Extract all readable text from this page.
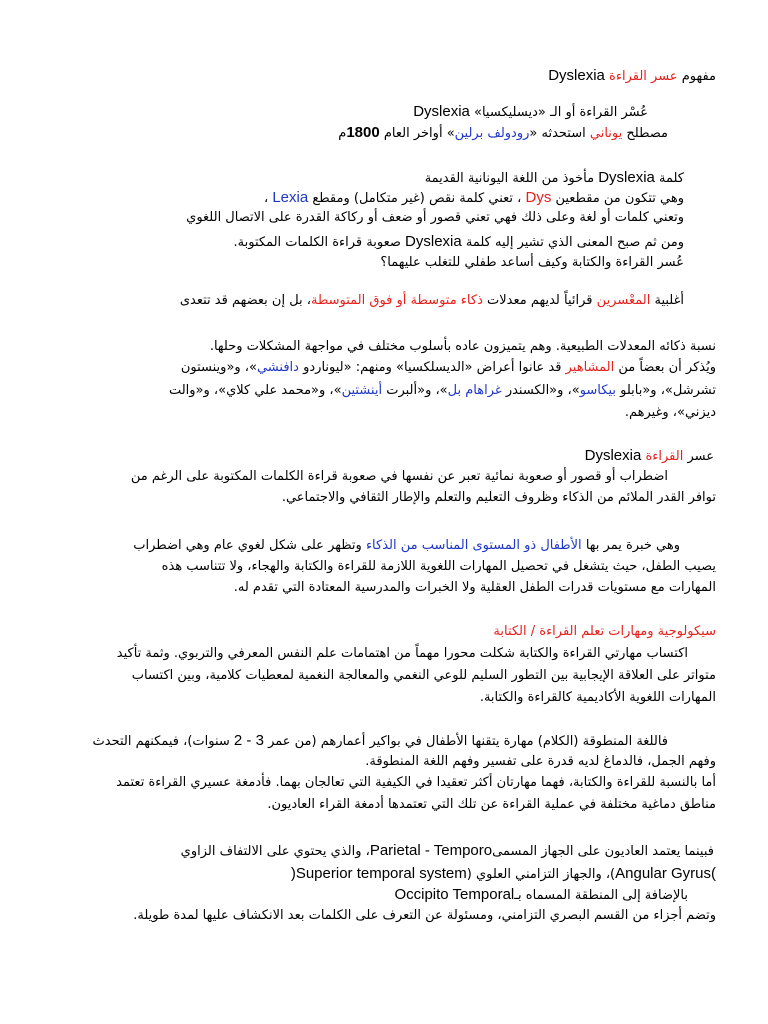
مفهوم عسر القراءة Dyslexia
عُسْر القراءة أو الـ «ديسليكسيا» Dyslexia
مصطلح يوناني استحدثه «رودولف برلين» أواخر العام 1800م
كلمة Dyslexia مأخوذ من اللغة اليونانية القديمة
وهي تتكون من مقطعين Dys ، تعني كلمة نقص (غير متكامل) ومقطع Lexia ،
وتعني كلمات أو لغة وعلى ذلك فهي تعني قصور أو ضعف أو ركاكة القدرة على الاتصال اللغوي
ومن ثم صبح المعنى الذي تشير إليه كلمة Dyslexia صعوبة قراءة الكلمات المكتوبة.
عُسر القراءة والكتابة وكيف أساعد طفلي للتغلب عليهما؟
أغلبية المعْسرين قرائياً لديهم معدلات ذكاء متوسطة أو فوق المتوسطة، بل إن بعضهم قد تتعدى
نسبة ذكائه المعدلات الطبيعية. وهم يتميزون عاده بأسلوب مختلف في مواجهة المشكلات وحلها.
ويُذكر أن بعضاً من المشاهير قد عانوا أعراض «الديسلكسيا» ومنهم: «ليوناردو دافنشي»، و«وينستون
تشرشل»، و«بابلو بيكاسو»، و«الكسندر غراهام بل»، و«ألبرت أينشتين»، و«محمد علي كلاي»، و«والت
ديزني»، وغيرهم.
عسر القراءة Dyslexia
اضطراب أو قصور أو صعوبة نمائية تعبر عن نفسها في صعوبة قراءة الكلمات المكتوبة على الرغم من
توافر القدر الملائم من الذكاء وظروف التعليم والتعلم والإطار الثقافي والاجتماعي.
وهي خبرة يمر بها الأطفال ذو المستوى المناسب من الذكاء وتظهر على شكل لغوي عام وهي اضطراب
يصيب الطفل، حيث يتشغل في تحصيل المهارات اللغوية اللازمة للقراءة والكتابة والهجاء، ولا تتناسب هذه
المهارات مع مستويات قدرات الطفل العقلية ولا الخبرات والمدرسية المعتادة التي تقدم له.
سيكولوجية ومهارات تعلم القراءة / الكتابة
اكتساب مهارتي القراءة والكتابة شكلت محورا مهماً من اهتمامات علم النفس المعرفي والتربوي. وثمة تأكيد
متواتر على العلاقة الإيجابية بين التطور السليم للوعي النغمي والمعالجة النغمية لمعطيات كلامية، وبين اكتساب
المهارات اللغوية الأكاديمية كالقراءة والكتابة.
فاللغة المنطوقة (الكلام) مهارة يتقنها الأطفال في بواكير أعمارهم (من عمر 2 - 3 سنوات)، فيمكنهم التحدث
وفهم الجمل، فالدماغ لديه قدرة على تفسير وفهم اللغة المنطوقة.
أما بالنسبة للقراءة والكتابة، فهما مهارتان أكثر تعقيدا في الكيفية التي تعالجان بهما. فأدمغة عسيري القراءة تعتمد
مناطق دماغية مختلفة في عملية القراءة عن تلك التي تعتمدها أدمغة القراء العاديون.
فبينما يعتمد العاديون على الجهاز المسمىParietal - Temporo، والذي يحتوي على الالتفاف الزاوي
(Angular Gyrus)، والجهاز التزامني العلوي (Superior temporal system)
بالإضافة إلى المنطقة المسماه بـOccipito Temporal
وتضم أجزاء من القسم البصري التزامني، ومسئولة عن التعرف على الكلمات بعد الانكشاف عليها لمدة طويلة.
